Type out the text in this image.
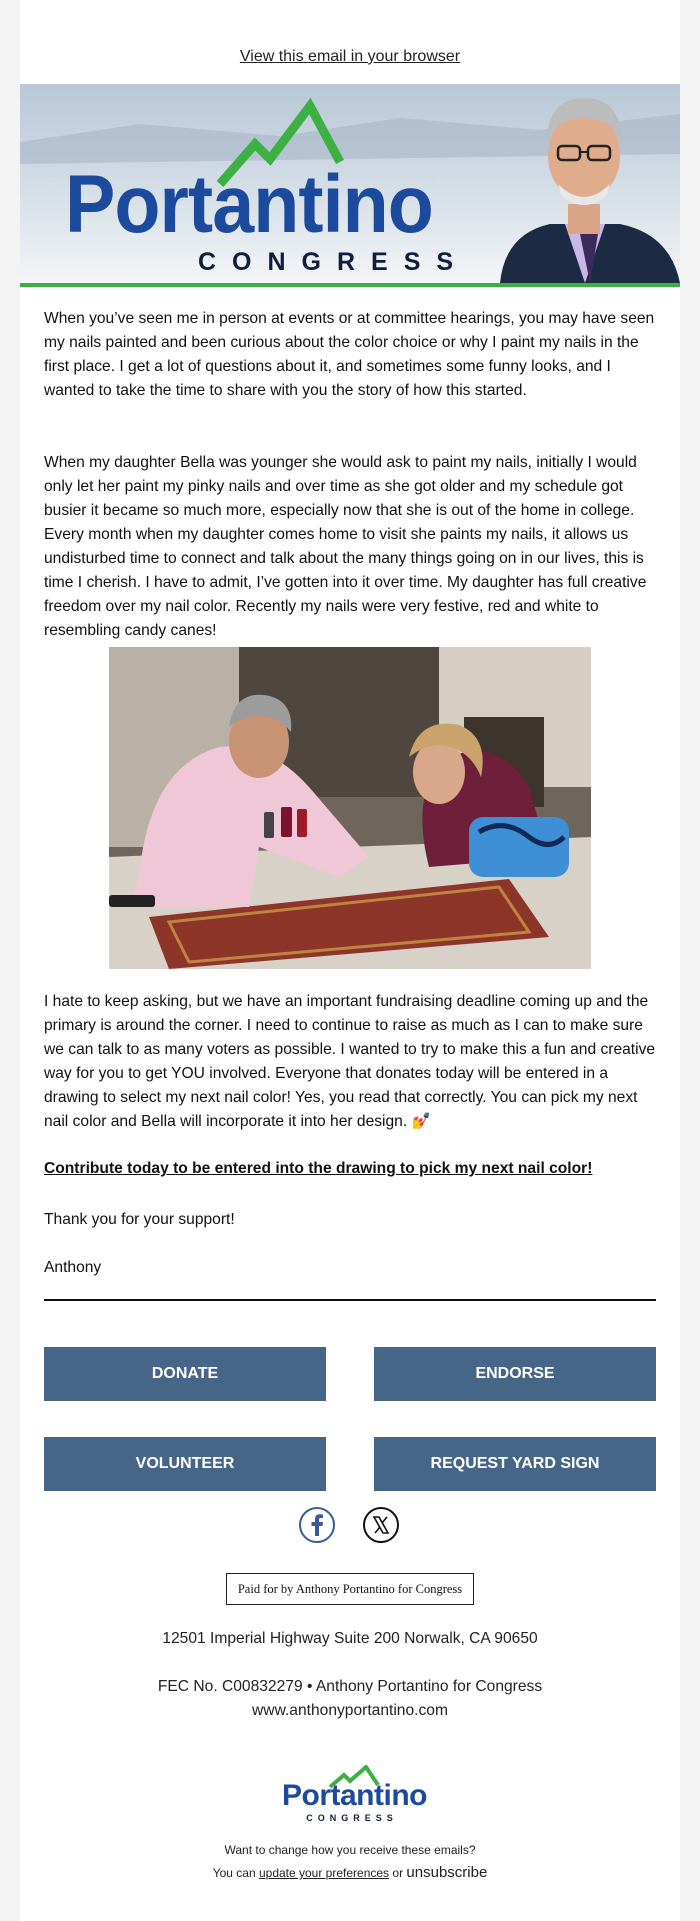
View this email in your browser
Portantino
CONGRESS

When you’ve seen me in person at events or at committee hearings, you may have seen my nails painted and been curious about the color choice or why I paint my nails in the first place. I get a lot of questions about it, and sometimes some funny looks, and I wanted to take the time to share with you the story of how this started.

When my daughter Bella was younger she would ask to paint my nails, initially I would only let her paint my pinky nails and over time as she got older and my schedule got busier it became so much more, especially now that she is out of the home in college. Every month when my daughter comes home to visit she paints my nails, it allows us undisturbed time to connect and talk about the many things going on in our lives, this is time I cherish. I have to admit, I’ve gotten into it over time. My daughter has full creative freedom over my nail color. Recently my nails were very festive, red and white to resembling candy canes!

I hate to keep asking, but we have an important fundraising deadline coming up and the primary is around the corner. I need to continue to raise as much as I can to make sure we can talk to as many voters as possible. I wanted to try to make this a fun and creative way for you to get YOU involved. Everyone that donates today will be entered in a drawing to select my next nail color! Yes, you read that correctly. You can pick my next nail color and Bella will incorporate it into her design. 💅

Contribute today to be entered into the drawing to pick my next nail color!

Thank you for your support!

Anthony

DONATE	ENDORSE
VOLUNTEER	REQUEST YARD SIGN
Paid for by Anthony Portantino for Congress
12501 Imperial Highway Suite 200 Norwalk, CA 90650
FEC No. C00832279 • Anthony Portantino for Congress
www.anthonyportantino.com
Portantino
CONGRESS
Want to change how you receive these emails?
You can update your preferences or unsubscribe
